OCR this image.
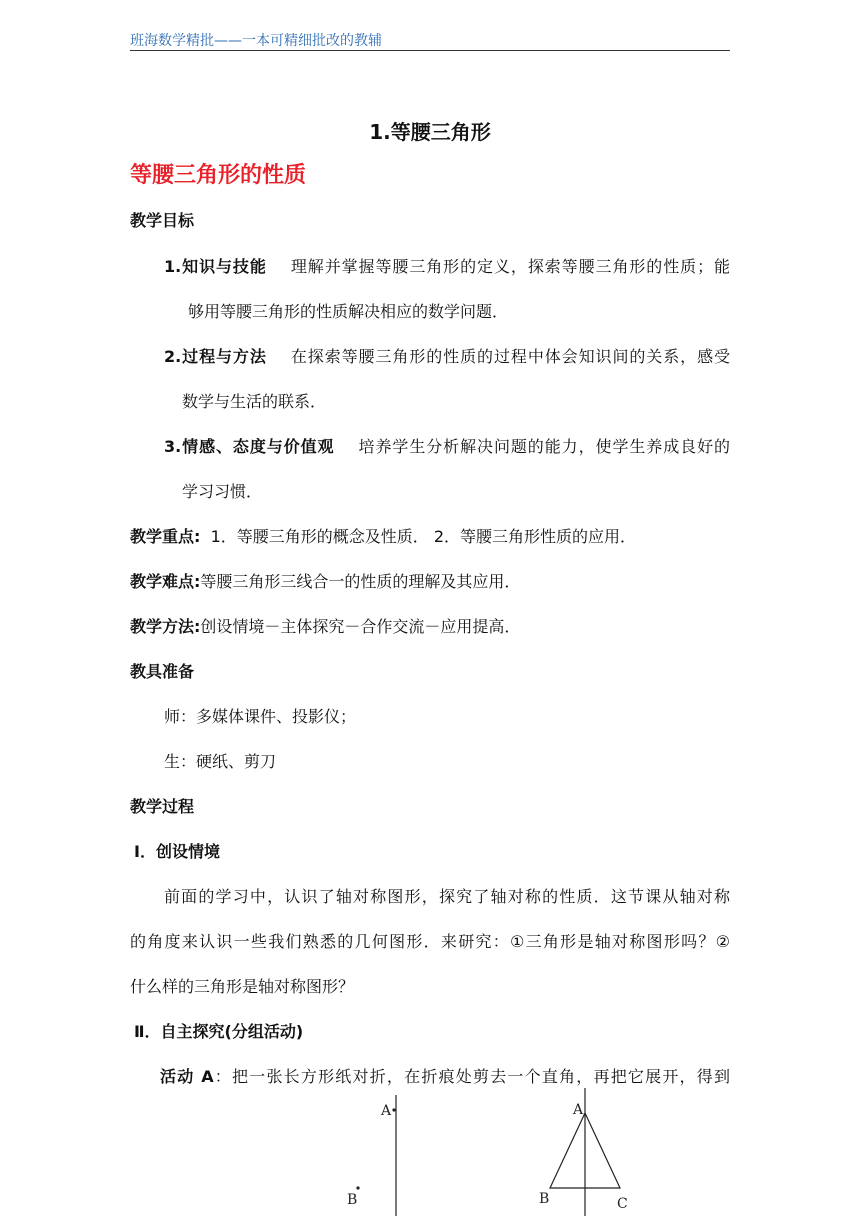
班海数学精批——一本可精细批改的教辅
1.等腰三角形
等腰三角形的性质
教学目标
1.知识与技能 理解并掌握等腰三角形的定义，探索等腰三角形的性质；能
够用等腰三角形的性质解决相应的数学问题．
2.过程与方法 在探索等腰三角形的性质的过程中体会知识间的关系，感受
数学与生活的联系．
3.情感、态度与价值观 培养学生分析解决问题的能力，使学生养成良好的
学习习惯．
教学重点: 1．等腰三角形的概念及性质． 2．等腰三角形性质的应用．
教学难点:等腰三角形三线合一的性质的理解及其应用．
教学方法:创设情境－主体探究－合作交流－应用提高．
教具准备
师：多媒体课件、投影仪；
生：硬纸、剪刀
教学过程
Ⅰ．创设情境
前面的学习中，认识了轴对称图形，探究了轴对称的性质．这节课从轴对称
的角度来认识一些我们熟悉的几何图形．来研究：①三角形是轴对称图形吗？②
什么样的三角形是轴对称图形？
Ⅱ．自主探究(分组活动)
活动 A：把一张长方形纸对折，在折痕处剪去一个直角，再把它展开，得到
A
B
A
B	C
